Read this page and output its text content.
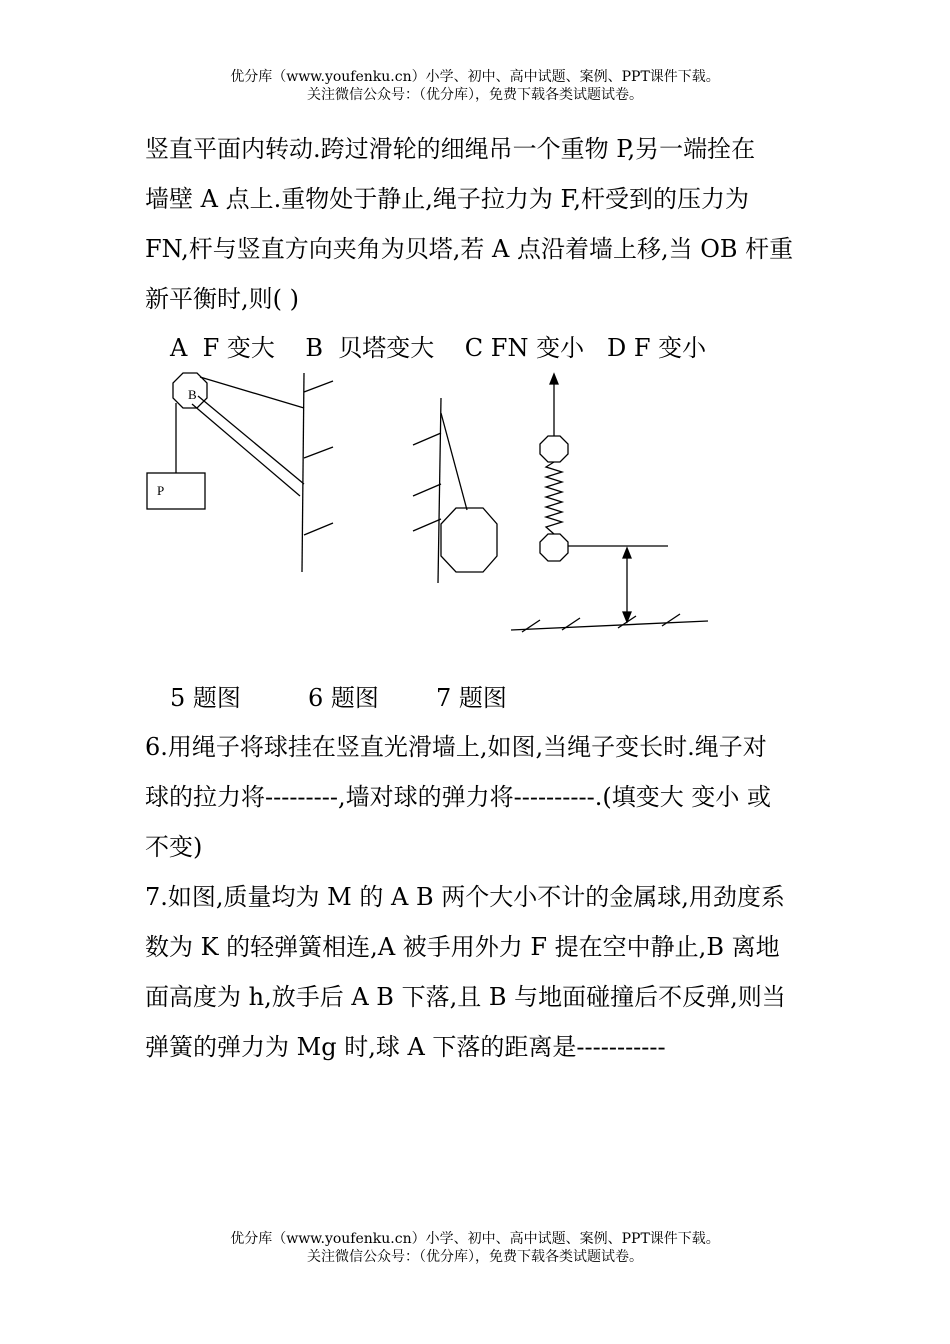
优分库（www.youfenku.cn）小学、初中、高中试题、案例、PPT课件下载。
关注微信公众号：（优分库），免费下载各类试题试卷。

竖直平面内转动.跨过滑轮的细绳吊一个重物 P,另一端拴在

墙壁 A 点上.重物处于静止,绳子拉力为 F,杆受到的压力为

FN,杆与竖直方向夹角为贝塔,若 A 点沿着墙上移,当 OB 杆重

新平衡时,则( )

A  F 变大    B  贝塔变大    C FN 变小   D F 变小
B
P
5 题图	6 题图 7 题图

6.用绳子将球挂在竖直光滑墙上,如图,当绳子变长时.绳子对

球的拉力将---------,墙对球的弹力将----------.(填变大 变小 或

不变)

7.如图,质量均为 M 的 A B 两个大小不计的金属球,用劲度系

数为 K 的轻弹簧相连,A 被手用外力 F 提在空中静止,B 离地

面高度为 h,放手后 A B 下落,且 B 与地面碰撞后不反弹,则当

弹簧的弹力为 Mg 时,球 A 下落的距离是-----------

优分库（www.youfenku.cn）小学、初中、高中试题、案例、PPT课件下载。
关注微信公众号：（优分库），免费下载各类试题试卷。
